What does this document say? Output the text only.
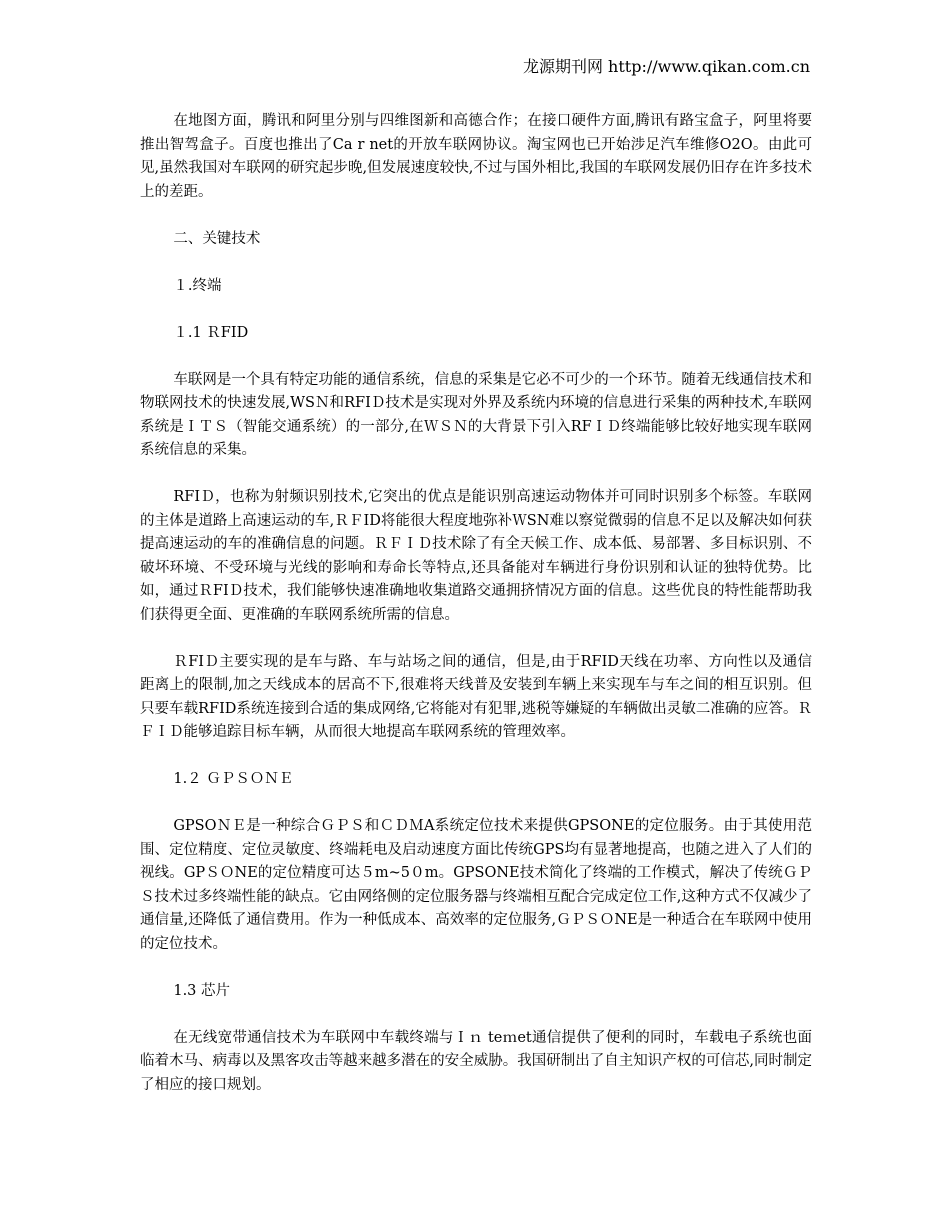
龙源期刊网 http://www.qikan.com.cn

在地图方面，腾讯和阿里分别与四维图新和高德合作；在接口硬件方面,腾讯有路宝盒子，阿里将要推出智驾盒子。百度也推出了Ca r net的开放车联网协议。淘宝网也已开始涉足汽车维修O2O。由此可见,虽然我国对车联网的研究起步晚,但发展速度较快,不过与国外相比,我国的车联网发展仍旧存在许多技术上的差距。

二、关键技术

１.终端

１.1 ＲFID

车联网是一个具有特定功能的通信系统，信息的采集是它必不可少的一个环节。随着无线通信技术和物联网技术的快速发展,WSＮ和RFIＤ技术是实现对外界及系统内环境的信息进行采集的两种技术,车联网系统是ＩＴＳ（智能交通系统）的一部分,在ＷＳＮ的大背景下引入RFＩＤ终端能够比较好地实现车联网系统信息的采集。

RFIＤ，也称为射频识别技术,它突出的优点是能识别高速运动物体并可同时识别多个标签。车联网的主体是道路上高速运动的车,ＲＦID将能很大程度地弥补ＷSN难以察觉微弱的信息不足以及解决如何获提高速运动的车的准确信息的问题。ＲＦＩＤ技术除了有全天候工作、成本低、易部署、多目标识别、不破坏环境、不受环境与光线的影响和寿命长等特点,还具备能对车辆进行身份识别和认证的独特优势。比如，通过ＲFIＤ技术，我们能够快速准确地收集道路交通拥挤情况方面的信息。这些优良的特性能帮助我们获得更全面、更准确的车联网系统所需的信息。

ＲFIＤ主要实现的是车与路、车与站场之间的通信，但是,由于RFID天线在功率、方向性以及通信距离上的限制,加之天线成本的居高不下,很难将天线普及安装到车辆上来实现车与车之间的相互识别。但只要车载RFID系统连接到合适的集成网络,它将能对有犯罪,逃税等嫌疑的车辆做出灵敏二准确的应答。ＲＦＩＤ能够追踪目标车辆，从而很大地提高车联网系统的管理效率。

1.２ ＧＰＳＯＮＥ

GPSOＮＥ是一种综合ＧＰＳ和ＣＤＭA系统定位技术来提供GPSONE的定位服务。由于其使用范围、定位精度、定位灵敏度、终端耗电及启动速度方面比传统GPS均有显著地提高，也随之进入了人们的视线。GPＳＯNE的定位精度可达５m~5０m。GPSONE技术简化了终端的工作模式，解决了传统ＧＰＳ技术过多终端性能的缺点。它由网络侧的定位服务器与终端相互配合完成定位工作,这种方式不仅减少了通信量,还降低了通信费用。作为一种低成本、高效率的定位服务,ＧＰＳＯNE是一种适合在车联网中使用的定位技术。

1.3 芯片

在无线宽带通信技术为车联网中车载终端与Ｉｎ teｍet通信提供了便利的同时，车载电子系统也面临着木马、病毒以及黑客攻击等越来越多潜在的安全威胁。我国研制出了自主知识产权的可信芯,同时制定了相应的接口规划。
